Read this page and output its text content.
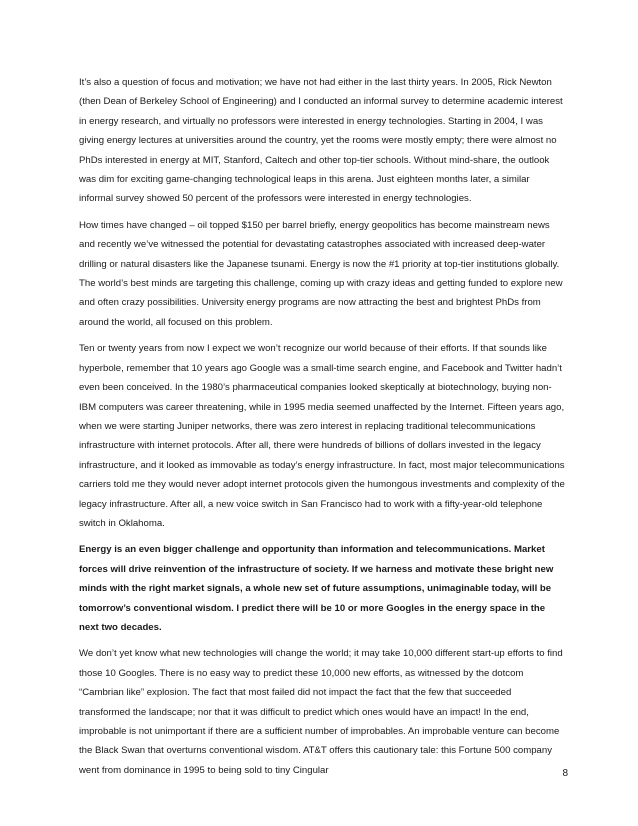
It’s also a question of focus and motivation; we have not had either in the last thirty years. In 2005, Rick Newton (then Dean of Berkeley School of Engineering) and I conducted an informal survey to determine academic interest in energy research, and virtually no professors were interested in energy technologies. Starting in 2004, I was giving energy lectures at universities around the country, yet the rooms were mostly empty; there were almost no PhDs interested in energy at MIT, Stanford, Caltech and other top-tier schools. Without mind-share, the outlook was dim for exciting game-changing technological leaps in this arena. Just eighteen months later, a similar informal survey showed 50 percent of the professors were interested in energy technologies.

How times have changed – oil topped $150 per barrel briefly, energy geopolitics has become mainstream news and recently we’ve witnessed the potential for devastating catastrophes associated with increased deep-water drilling or natural disasters like the Japanese tsunami. Energy is now the #1 priority at top-tier institutions globally. The world’s best minds are targeting this challenge, coming up with crazy ideas and getting funded to explore new and often crazy possibilities. University energy programs are now attracting the best and brightest PhDs from around the world, all focused on this problem.

Ten or twenty years from now I expect we won’t recognize our world because of their efforts. If that sounds like hyperbole, remember that 10 years ago Google was a small-time search engine, and Facebook and Twitter hadn’t even been conceived. In the 1980’s pharmaceutical companies looked skeptically at biotechnology, buying non-IBM computers was career threatening, while in 1995 media seemed unaffected by the Internet. Fifteen years ago, when we were starting Juniper networks, there was zero interest in replacing traditional telecommunications infrastructure with internet protocols. After all, there were hundreds of billions of dollars invested in the legacy infrastructure, and it looked as immovable as today’s energy infrastructure. In fact, most major telecommunications carriers told me they would never adopt internet protocols given the humongous investments and complexity of the legacy infrastructure. After all, a new voice switch in San Francisco had to work with a fifty-year-old telephone switch in Oklahoma.

Energy is an even bigger challenge and opportunity than information and telecommunications. Market forces will drive reinvention of the infrastructure of society. If we harness and motivate these bright new minds with the right market signals, a whole new set of future assumptions, unimaginable today, will be tomorrow’s conventional wisdom. I predict there will be 10 or more Googles in the energy space in the next two decades.

We don’t yet know what new technologies will change the world; it may take 10,000 different start-up efforts to find those 10 Googles. There is no easy way to predict these 10,000 new efforts, as witnessed by the dotcom “Cambrian like” explosion. The fact that most failed did not impact the fact that the few that succeeded transformed the landscape; nor that it was difficult to predict which ones would have an impact! In the end, improbable is not unimportant if there are a sufficient number of improbables. An improbable venture can become the Black Swan that overturns conventional wisdom. AT&T offers this cautionary tale: this Fortune 500 company went from dominance in 1995 to being sold to tiny Cingular	8
